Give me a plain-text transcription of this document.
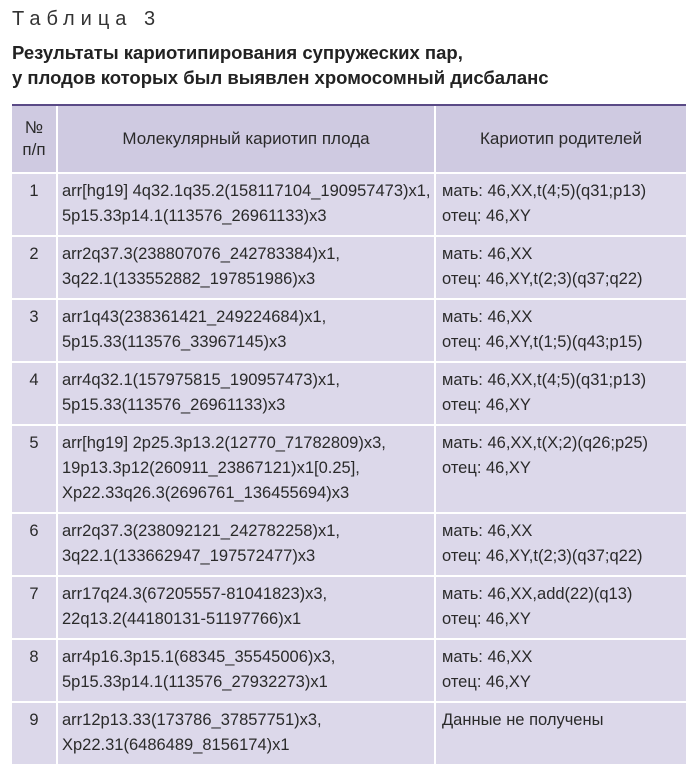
Таблица 3
Результаты кариотипирования супружеских пар,
у плодов которых был выявлен хромосомный дисбаланс
№
п/п	Молекулярный кариотип плода	Кариотип родителей
1	arr[hg19] 4q32.1q35.2(158117104_190957473)x1,
5p15.33p14.1(113576_26961133)x3	мать: 46,XX,t(4;5)(q31;p13)
отец: 46,XY

2	arr2q37.3(238807076_242783384)x1,
3q22.1(133552882_197851986)x3	мать: 46,XX
отец: 46,XY,t(2;3)(q37;q22)

3	arr1q43(238361421_249224684)x1,
5p15.33(113576_33967145)x3	мать: 46,XX
отец: 46,XY,t(1;5)(q43;p15)

4	arr4q32.1(157975815_190957473)x1,
5p15.33(113576_26961133)x3	мать: 46,XX,t(4;5)(q31;p13)
отец: 46,XY

5	arr[hg19] 2p25.3p13.2(12770_71782809)x3,
19p13.3p12(260911_23867121)x1[0.25],
Xp22.33q26.3(2696761_136455694)x3	мать: 46,XX,t(X;2)(q26;p25)
отец: 46,XY

6	arr2q37.3(238092121_242782258)x1,
3q22.1(133662947_197572477)x3	мать: 46,XX
отец: 46,XY,t(2;3)(q37;q22)

7	arr17q24.3(67205557-81041823)x3,
22q13.2(44180131-51197766)x1	мать: 46,XX,add(22)(q13)
отец: 46,XY

8	arr4p16.3p15.1(68345_35545006)x3,
5p15.33p14.1(113576_27932273)x1	мать: 46,XX
отец: 46,XY

9	arr12p13.33(173786_37857751)x3,
Xp22.31(6486489_8156174)x1	Данные не получены
